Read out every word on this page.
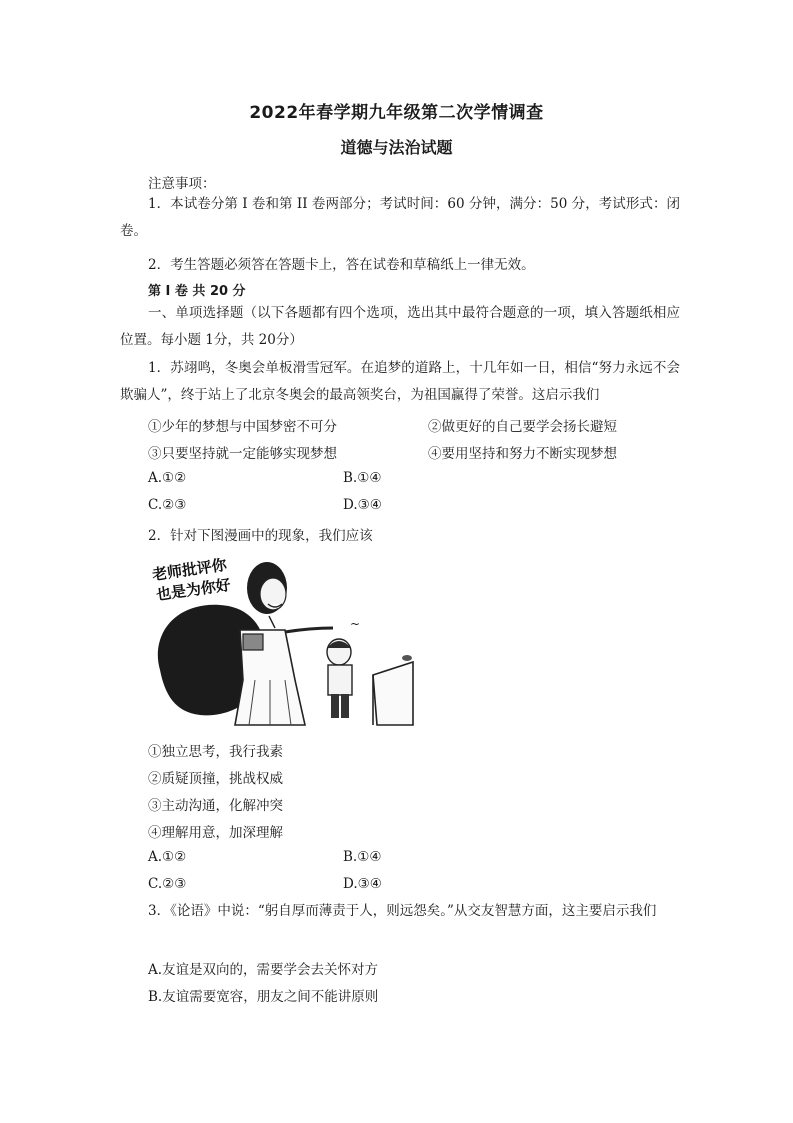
2022年春学期九年级第二次学情调查
道德与法治试题
注意事项：
1．本试卷分第 I 卷和第 II 卷两部分；考试时间：60 分钟，满分：50 分，考试形式：闭卷。
2．考生答题必须答在答题卡上，答在试卷和草稿纸上一律无效。
第 I 卷 共 20 分
一、单项选择题（以下各题都有四个选项，选出其中最符合题意的一项，填入答题纸相应位置。每小题 1分，共 20分）
1．苏翊鸣，冬奥会单板滑雪冠军。在追梦的道路上，十几年如一日，相信“努力永远不会欺骗人”，终于站上了北京冬奥会的最高领奖台，为祖国赢得了荣誉。这启示我们
①少年的梦想与中国梦密不可分	②做更好的自己要学会扬长避短
③只要坚持就一定能够实现梦想	④要用坚持和努力不断实现梦想
A.①②	B.①④
C.②③	D.③④
2．针对下图漫画中的现象，我们应该
~
老师批评你
也是为你好
①独立思考，我行我素
②质疑顶撞，挑战权威
③主动沟通，化解冲突
④理解用意，加深理解
A.①②	B.①④
C.②③	D.③④
3．《论语》中说：“躬自厚而薄责于人，则远怨矣。”从交友智慧方面，这主要启示我们
A.友谊是双向的，需要学会去关怀对方
B.友谊需要宽容，朋友之间不能讲原则
